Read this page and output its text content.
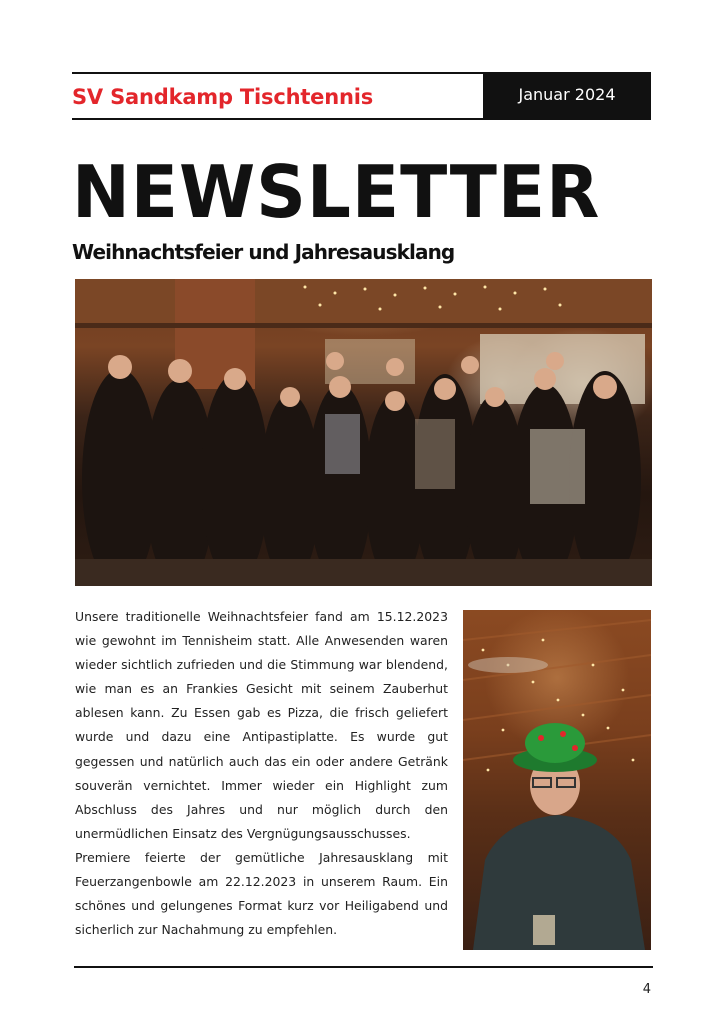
SV Sandkamp Tischtennis	Januar 2024
NEWSLETTER
Weihnachtsfeier und Jahresausklang

Unsere traditionelle Weihnachtsfeier fand am 15.12.2023 wie gewohnt im Tennisheim statt. Alle Anwesenden waren wieder sichtlich zufrieden und die Stimmung war blendend, wie man es an Frankies Gesicht mit seinem Zauberhut ablesen kann. Zu Essen gab es Pizza, die frisch geliefert wurde und dazu eine Antipastiplatte. Es wurde gut gegessen und natürlich auch das ein oder andere Getränk souverän vernichtet. Immer wieder ein Highlight zum Abschluss des Jahres und nur möglich durch den unermüdlichen Einsatz des Vergnügungsausschusses.

Premiere feierte der gemütliche Jahresausklang mit Feuerzangenbowle am 22.12.2023 in unserem Raum. Ein schönes und gelungenes Format kurz vor Heiligabend und sicherlich zur Nachahmung zu empfehlen.

4
